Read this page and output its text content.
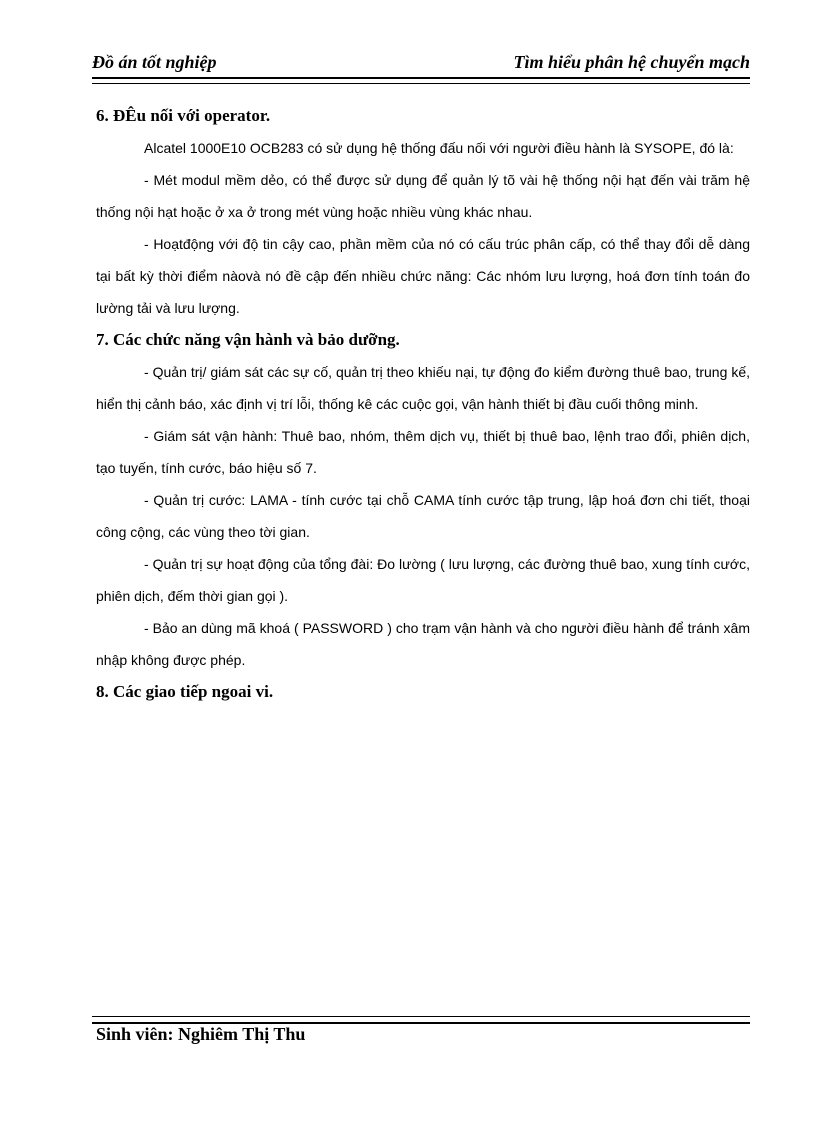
Đồ án tốt nghiệp	Tìm hiểu phân hệ chuyển mạch
6. ĐÊu nối với operator.

Alcatel 1000E10 OCB283 có sử dụng hệ thống đấu nối với người điều hành là SYSOPE, đó là:

- Mét modul mềm dẻo, có thể được sử dụng để quản lý tõ vài hệ thống nội hạt đến vài trăm hệ thống nội hạt hoặc ở xa ở trong mét vùng hoặc nhiều vùng khác nhau.

- Hoạtđộng với độ tin cậy cao, phần mềm của nó có cấu trúc phân cấp, có thể thay đổi dễ dàng tại bất kỳ thời điểm nàovà nó đề cập đến nhiều chức năng: Các nhóm lưu lượng, hoá đơn tính toán đo lường tải và lưu lượng.

7. Các chức năng vận hành và bảo dưỡng.

- Quản trị/ giám sát các sự cố, quản trị theo khiếu nại, tự động đo kiểm đường thuê bao, trung kế, hiển thị cảnh báo, xác định vị trí lỗi, thống kê các cuộc gọi, vận hành thiết bị đầu cuối thông minh.

- Giám sát vận hành: Thuê bao, nhóm, thêm dịch vụ, thiết bị thuê bao, lệnh trao đổi, phiên dịch, tạo tuyến, tính cước, báo hiệu số 7.

- Quản trị cước: LAMA - tính cước tại chỗ CAMA tính cước tập trung, lập hoá đơn chi tiết, thoại công cộng, các vùng theo tời gian.

- Quản trị sự hoạt động của tổng đài: Đo lường ( lưu lượng, các đường thuê bao, xung tính cước, phiên dịch, đếm thời gian gọi ).

- Bảo an dùng mã khoá ( PASSWORD ) cho trạm vận hành và cho người điều hành để tránh xâm nhập không được phép.

8. Các giao tiếp ngoai vi.
Sinh viên: Nghiêm Thị Thu
